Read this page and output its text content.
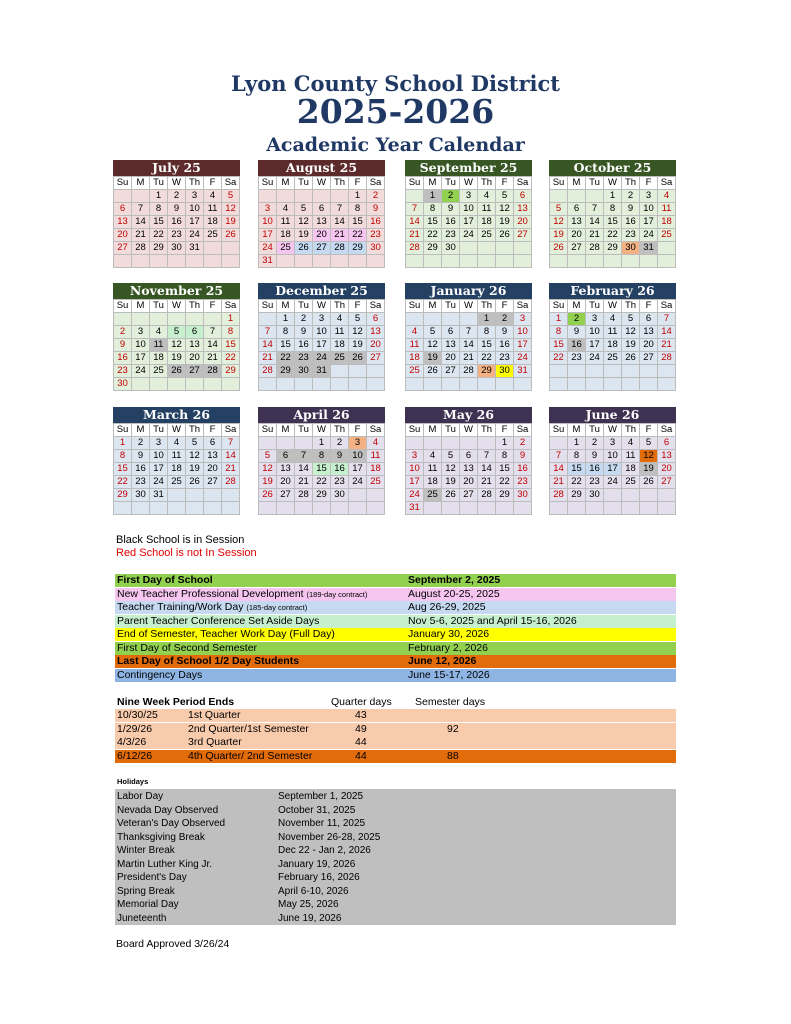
Lyon County School District
2025-2026
Academic Year Calendar
July 25
Su	M	Tu	W	Th	F	Sa
		1	2	3	4	5
6	7	8	9	10	11	12
13	14	15	16	17	18	19
20	21	22	23	24	25	26
27	28	29	30	31		

August 25
Su	M	Tu	W	Th	F	Sa
					1	2
3	4	5	6	7	8	9
10	11	12	13	14	15	16
17	18	19	20	21	22	23
24	25	26	27	28	29	30
31						
September 25
Su	M	Tu	W	Th	F	Sa
	1	2	3	4	5	6
7	8	9	10	11	12	13
14	15	16	17	18	19	20
21	22	23	24	25	26	27
28	29	30				

October 25
Su	M	Tu	W	Th	F	Sa
			1	2	3	4
5	6	7	8	9	10	11
12	13	14	15	16	17	18
19	20	21	22	23	24	25
26	27	28	29	30	31	

November 25
Su	M	Tu	W	Th	F	Sa
						1
2	3	4	5	6	7	8
9	10	11	12	13	14	15
16	17	18	19	20	21	22
23	24	25	26	27	28	29
30						
December 25
Su	M	Tu	W	Th	F	Sa
	1	2	3	4	5	6
7	8	9	10	11	12	13
14	15	16	17	18	19	20
21	22	23	24	25	26	27
28	29	30	31			

January 26
Su	M	Tu	W	Th	F	Sa
				1	2	3
4	5	6	7	8	9	10
11	12	13	14	15	16	17
18	19	20	21	22	23	24
25	26	27	28	29	30	31

February 26
Su	M	Tu	W	Th	F	Sa
1	2	3	4	5	6	7
8	9	10	11	12	13	14
15	16	17	18	19	20	21
22	23	24	25	26	27	28

March 26
Su	M	Tu	W	Th	F	Sa
1	2	3	4	5	6	7
8	9	10	11	12	13	14
15	16	17	18	19	20	21
22	23	24	25	26	27	28
29	30	31				

April 26
Su	M	Tu	W	Th	F	Sa
			1	2	3	4
5	6	7	8	9	10	11
12	13	14	15	16	17	18
19	20	21	22	23	24	25
26	27	28	29	30		

May 26
Su	M	Tu	W	Th	F	Sa
					1	2
3	4	5	6	7	8	9
10	11	12	13	14	15	16
17	18	19	20	21	22	23
24	25	26	27	28	29	30
31						
June 26
Su	M	Tu	W	Th	F	Sa
	1	2	3	4	5	6
7	8	9	10	11	12	13
14	15	16	17	18	19	20
21	22	23	24	25	26	27
28	29	30				

Black School is in Session
Red School is not In Session
First Day of School	September 2, 2025
New Teacher Professional Development (189-day contract)	August 20-25, 2025
Teacher Training/Work Day (185-day contract)	Aug 26-29, 2025
Parent Teacher Conference Set Aside Days	Nov 5-6, 2025 and April 15-16, 2026
End of Semester, Teacher Work Day (Full Day)	January 30, 2026
First Day of Second Semester	February 2, 2026
Last Day of School 1/2 Day Students	June 12, 2026
Contingency Days	June 15-17, 2026
Nine Week Period Ends	Quarter days Semester days
10/30/25	1st Quarter	43
1/29/26	2nd Quarter/1st Semester	49	92
4/3/26	3rd Quarter	44
6/12/26	4th Quarter/ 2nd Semester	44	88
Holidays
Labor Day	September 1, 2025
Nevada Day Observed	October 31, 2025
Veteran's Day Observed	November 11, 2025
Thanksgiving Break	November 26-28, 2025
Winter Break	Dec 22 - Jan 2, 2026
Martin Luther King Jr.	January 19, 2026
President's Day	February 16, 2026
Spring Break	April 6-10, 2026
Memorial Day	May 25, 2026
Juneteenth	June 19, 2026
Board Approved 3/26/24
